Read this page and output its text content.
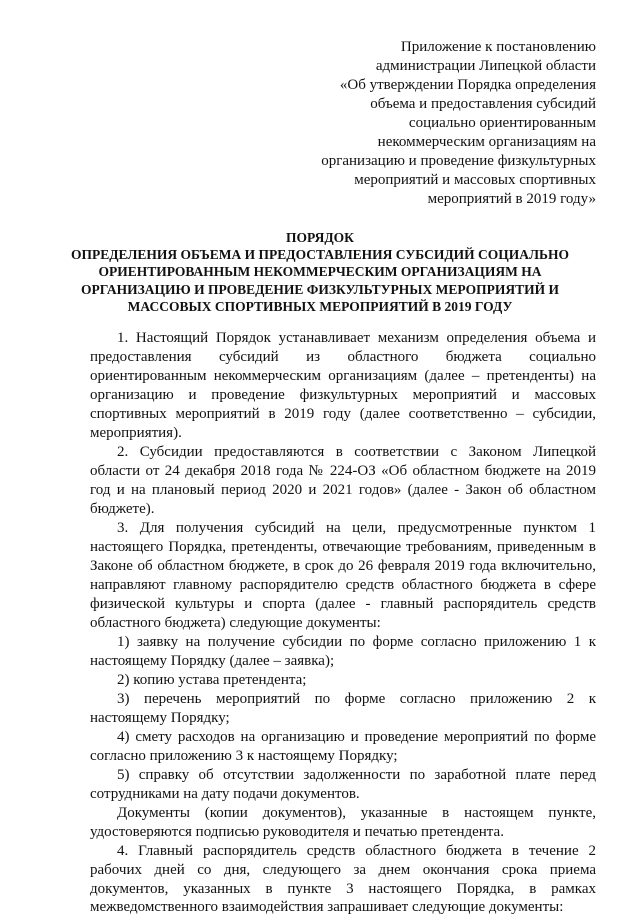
Приложение к постановлению
администрации Липецкой области
«Об утверждении Порядка определения
объема и предоставления субсидий
социально ориентированным
некоммерческим организациям на
организацию и проведение физкультурных
мероприятий и массовых спортивных
мероприятий в 2019 году»
ПОРЯДОК
ОПРЕДЕЛЕНИЯ ОБЪЕМА И ПРЕДОСТАВЛЕНИЯ СУБСИДИЙ СОЦИАЛЬНО
ОРИЕНТИРОВАННЫМ НЕКОММЕРЧЕСКИМ ОРГАНИЗАЦИЯМ НА
ОРГАНИЗАЦИЮ И ПРОВЕДЕНИЕ ФИЗКУЛЬТУРНЫХ МЕРОПРИЯТИЙ И
МАССОВЫХ СПОРТИВНЫХ МЕРОПРИЯТИЙ В 2019 ГОДУ
1. Настоящий Порядок устанавливает механизм определения объема и
предоставления субсидий из областного бюджета социально
ориентированным некоммерческим организациям (далее – претенденты) на
организацию и проведение физкультурных мероприятий и массовых
спортивных мероприятий в 2019 году (далее соответственно – субсидии,
мероприятия).
2. Субсидии предоставляются в соответствии с Законом Липецкой
области от 24 декабря 2018 года № 224-ОЗ «Об областном бюджете на 2019
год и на плановый период 2020 и 2021 годов» (далее - Закон об областном
бюджете).
3. Для получения субсидий на цели, предусмотренные пунктом 1
настоящего Порядка, претенденты, отвечающие требованиям, приведенным в
Законе об областном бюджете, в срок до 26 февраля 2019 года включительно,
направляют главному распорядителю средств областного бюджета в сфере
физической культуры и спорта (далее - главный распорядитель средств
областного бюджета) следующие документы:
1) заявку на получение субсидии по форме согласно приложению 1 к
настоящему Порядку (далее – заявка);
2) копию устава претендента;
3) перечень мероприятий по форме согласно приложению 2 к
настоящему Порядку;
4) смету расходов на организацию и проведение мероприятий по форме
согласно приложению 3 к настоящему Порядку;
5) справку об отсутствии задолженности по заработной плате перед
сотрудниками на дату подачи документов.
Документы (копии документов), указанные в настоящем пункте,
удостоверяются подписью руководителя и печатью претендента.
4. Главный распорядитель средств областного бюджета в течение 2
рабочих дней со дня, следующего за днем окончания срока приема
документов, указанных в пункте 3 настоящего Порядка, в рамках
межведомственного взаимодействия запрашивает следующие документы:
